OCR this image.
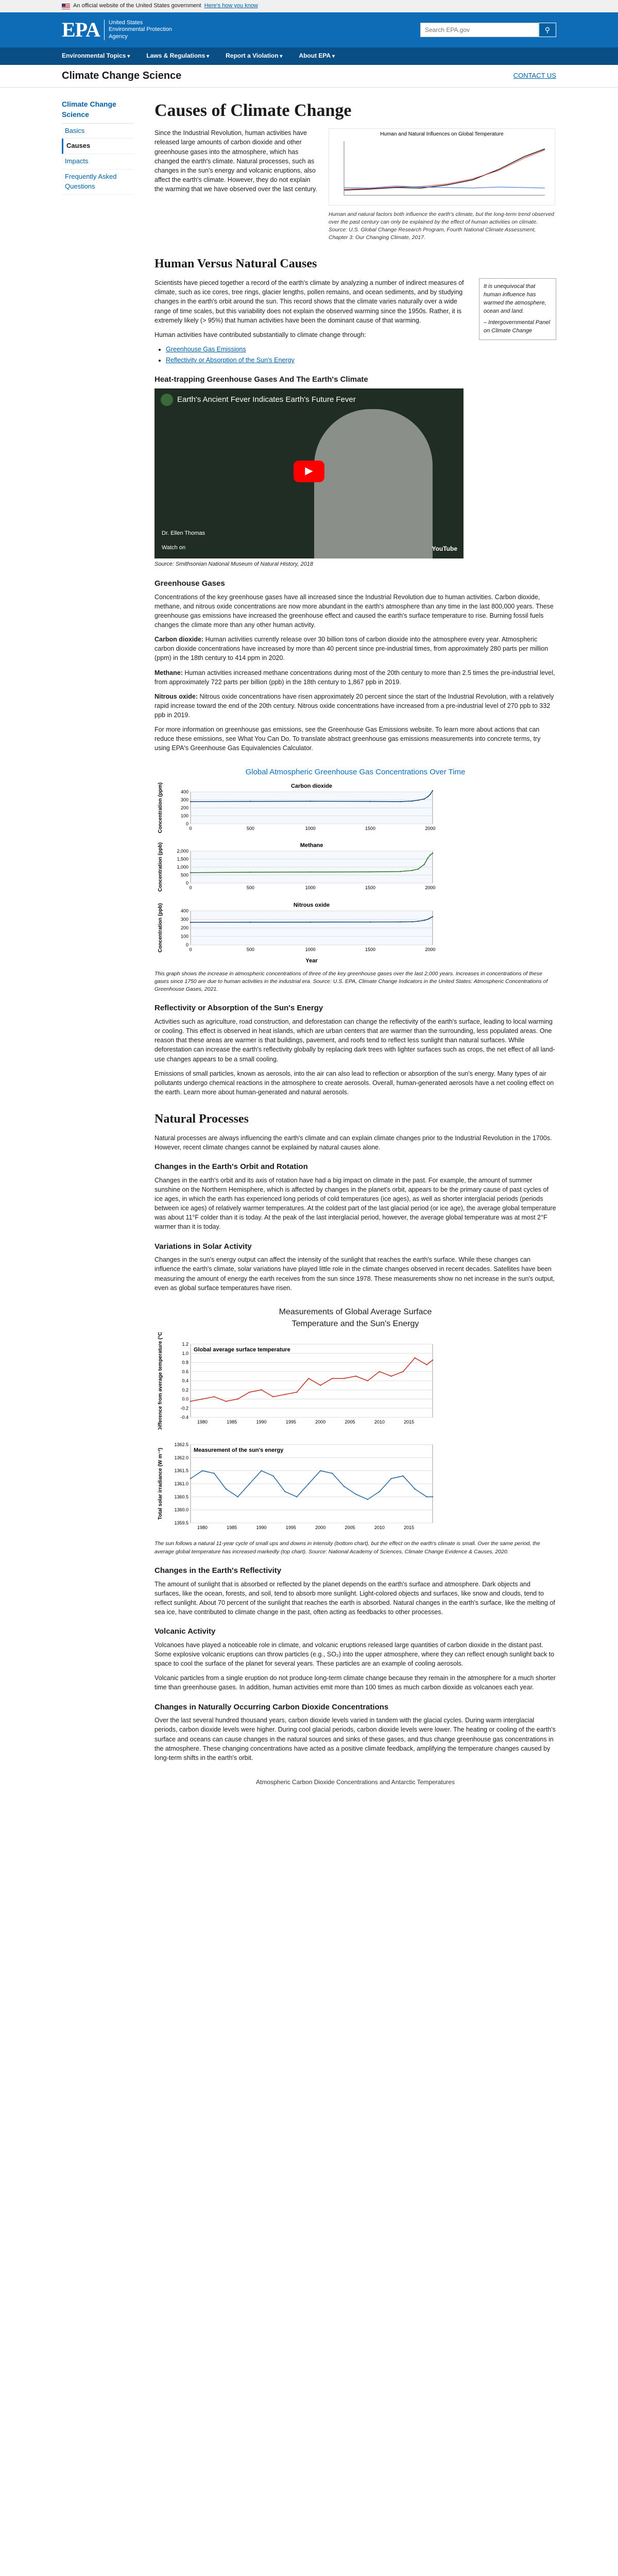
An official website of the United States government Here's how you know
EPA	United States
Environmental Protection
Agency
Search EPA.gov
⚲
Environmental Topics ▾	Laws & Regulations ▾	Report a Violation ▾	About EPA ▾
Climate Change Science	CONTACT US
Climate Change Science
Basics
Causes
Impacts
Frequently Asked Questions
Causes of Climate Change

Since the Industrial Revolution, human activities have released large amounts of carbon dioxide and other greenhouse gases into the atmosphere, which has changed the earth's climate. Natural processes, such as changes in the sun's energy and volcanic eruptions, also affect the earth's climate. However, they do not explain the warming that we have observed over the last century.

Human and Natural Influences on Global Temperature
Human and natural factors both influence the earth's climate, but the long-term trend observed over the past century can only be explained by the effect of human activities on climate. Source: U.S. Global Change Research Program, Fourth National Climate Assessment, Chapter 3: Our Changing Climate, 2017.
Human Versus Natural Causes
It is unequivocal that human influence has warmed the atmosphere, ocean and land.
– Intergovernmental Panel on Climate Change

Scientists have pieced together a record of the earth's climate by analyzing a number of indirect measures of climate, such as ice cores, tree rings, glacier lengths, pollen remains, and ocean sediments, and by studying changes in the earth's orbit around the sun. This record shows that the climate varies naturally over a wide range of time scales, but this variability does not explain the observed warming since the 1950s. Rather, it is extremely likely (> 95%) that human activities have been the dominant cause of that warming.

Human activities have contributed substantially to climate change through:

• Greenhouse Gas Emissions
• Reflectivity or Absorption of the Sun's Energy
Heat-trapping Greenhouse Gases And The Earth's Climate
Earth's Ancient Fever Indicates Earth's Future Fever
▶
Dr. Ellen Thomas
Watch on	YouTube
Source: Smithsonian National Museum of Natural History, 2018
Greenhouse Gases

Concentrations of the key greenhouse gases have all increased since the Industrial Revolution due to human activities. Carbon dioxide, methane, and nitrous oxide concentrations are now more abundant in the earth's atmosphere than any time in the last 800,000 years. These greenhouse gas emissions have increased the greenhouse effect and caused the earth's surface temperature to rise. Burning fossil fuels changes the climate more than any other human activity.

Carbon dioxide: Human activities currently release over 30 billion tons of carbon dioxide into the atmosphere every year. Atmospheric carbon dioxide concentrations have increased by more than 40 percent since pre-industrial times, from approximately 280 parts per million (ppm) in the 18th century to 414 ppm in 2020.

Methane: Human activities increased methane concentrations during most of the 20th century to more than 2.5 times the pre-industrial level, from approximately 722 parts per billion (ppb) in the 18th century to 1,867 ppb in 2019.

Nitrous oxide: Nitrous oxide concentrations have risen approximately 20 percent since the start of the Industrial Revolution, with a relatively rapid increase toward the end of the 20th century. Nitrous oxide concentrations have increased from a pre-industrial level of 270 ppb to 332 ppb in 2019.

For more information on greenhouse gas emissions, see the Greenhouse Gas Emissions website. To learn more about actions that can reduce these emissions, see What You Can Do. To translate abstract greenhouse gas emissions measurements into concrete terms, try using EPA's Greenhouse Gas Equivalencies Calculator.

Global Atmospheric Greenhouse Gas Concentrations Over Time
Carbon dioxide
0
100
200
300
400
0	500	1000	1500	2000
Concentration (ppm)
Methane
0
500
1,000
1,500
2,000
0	500	1000	1500	2000
Concentration (ppb)
Nitrous oxide
0
100
200
300
400
0	500	1000	1500	2000
Concentration (ppb)
Year
This graph shows the increase in atmospheric concentrations of three of the key greenhouse gases over the last 2,000 years. Increases in concentrations of these gases since 1750 are due to human activities in the industrial era. Source: U.S. EPA, Climate Change Indicators in the United States: Atmospheric Concentrations of Greenhouse Gases, 2021.
Reflectivity or Absorption of the Sun's Energy

Activities such as agriculture, road construction, and deforestation can change the reflectivity of the earth's surface, leading to local warming or cooling. This effect is observed in heat islands, which are urban centers that are warmer than the surrounding, less populated areas. One reason that these areas are warmer is that buildings, pavement, and roofs tend to reflect less sunlight than natural surfaces. While deforestation can increase the earth's reflectivity globally by replacing dark trees with lighter surfaces such as crops, the net effect of all land-use changes appears to be a small cooling.

Emissions of small particles, known as aerosols, into the air can also lead to reflection or absorption of the sun's energy. Many types of air pollutants undergo chemical reactions in the atmosphere to create aerosols. Overall, human-generated aerosols have a net cooling effect on the earth. Learn more about human-generated and natural aerosols.

Natural Processes

Natural processes are always influencing the earth's climate and can explain climate changes prior to the Industrial Revolution in the 1700s. However, recent climate changes cannot be explained by natural causes alone.

Changes in the Earth's Orbit and Rotation

Changes in the earth's orbit and its axis of rotation have had a big impact on climate in the past. For example, the amount of summer sunshine on the Northern Hemisphere, which is affected by changes in the planet's orbit, appears to be the primary cause of past cycles of ice ages, in which the earth has experienced long periods of cold temperatures (ice ages), as well as shorter interglacial periods (periods between ice ages) of relatively warmer temperatures. At the coldest part of the last glacial period (or ice age), the average global temperature was about 11°F colder than it is today. At the peak of the last interglacial period, however, the average global temperature was at most 2°F warmer than it is today.

Variations in Solar Activity

Changes in the sun's energy output can affect the intensity of the sunlight that reaches the earth's surface. While these changes can influence the earth's climate, solar variations have played little role in the climate changes observed in recent decades. Satellites have been measuring the amount of energy the earth receives from the sun since 1978. These measurements show no net increase in the sun's output, even as global surface temperatures have risen.

Measurements of Global Average Surface
Temperature and the Sun's Energy
Global average surface temperature
-0.4
-0.2
0.0
0.2
0.4
0.6
0.8
1.0
1.2
1980	1985	1990	1995	2000	2005	2010	2015
Difference from average temperature (°C)
Measurement of the sun's energy
1359.5
1360.0
1360.5
1361.0
1361.5
1362.0
1362.5
1980	1985	1990	1995	2000	2005	2010	2015
Total solar irradiance (W m⁻²)
The sun follows a natural 11-year cycle of small ups and downs in intensity (bottom chart), but the effect on the earth's climate is small. Over the same period, the average global temperature has increased markedly (top chart). Source: National Academy of Sciences, Climate Change Evidence & Causes, 2020.
Changes in the Earth's Reflectivity

The amount of sunlight that is absorbed or reflected by the planet depends on the earth's surface and atmosphere. Dark objects and surfaces, like the ocean, forests, and soil, tend to absorb more sunlight. Light-colored objects and surfaces, like snow and clouds, tend to reflect sunlight. About 70 percent of the sunlight that reaches the earth is absorbed. Natural changes in the earth's surface, like the melting of sea ice, have contributed to climate change in the past, often acting as feedbacks to other processes.

Volcanic Activity

Volcanoes have played a noticeable role in climate, and volcanic eruptions released large quantities of carbon dioxide in the distant past. Some explosive volcanic eruptions can throw particles (e.g., SO₂) into the upper atmosphere, where they can reflect enough sunlight back to space to cool the surface of the planet for several years. These particles are an example of cooling aerosols.

Volcanic particles from a single eruption do not produce long-term climate change because they remain in the atmosphere for a much shorter time than greenhouse gases. In addition, human activities emit more than 100 times as much carbon dioxide as volcanoes each year.

Changes in Naturally Occurring Carbon Dioxide Concentrations

Over the last several hundred thousand years, carbon dioxide levels varied in tandem with the glacial cycles. During warm interglacial periods, carbon dioxide levels were higher. During cool glacial periods, carbon dioxide levels were lower. The heating or cooling of the earth's surface and oceans can cause changes in the natural sources and sinks of these gases, and thus change greenhouse gas concentrations in the atmosphere. These changing concentrations have acted as a positive climate feedback, amplifying the temperature changes caused by long-term shifts in the earth's orbit.

Atmospheric Carbon Dioxide Concentrations and Antarctic Temperatures
